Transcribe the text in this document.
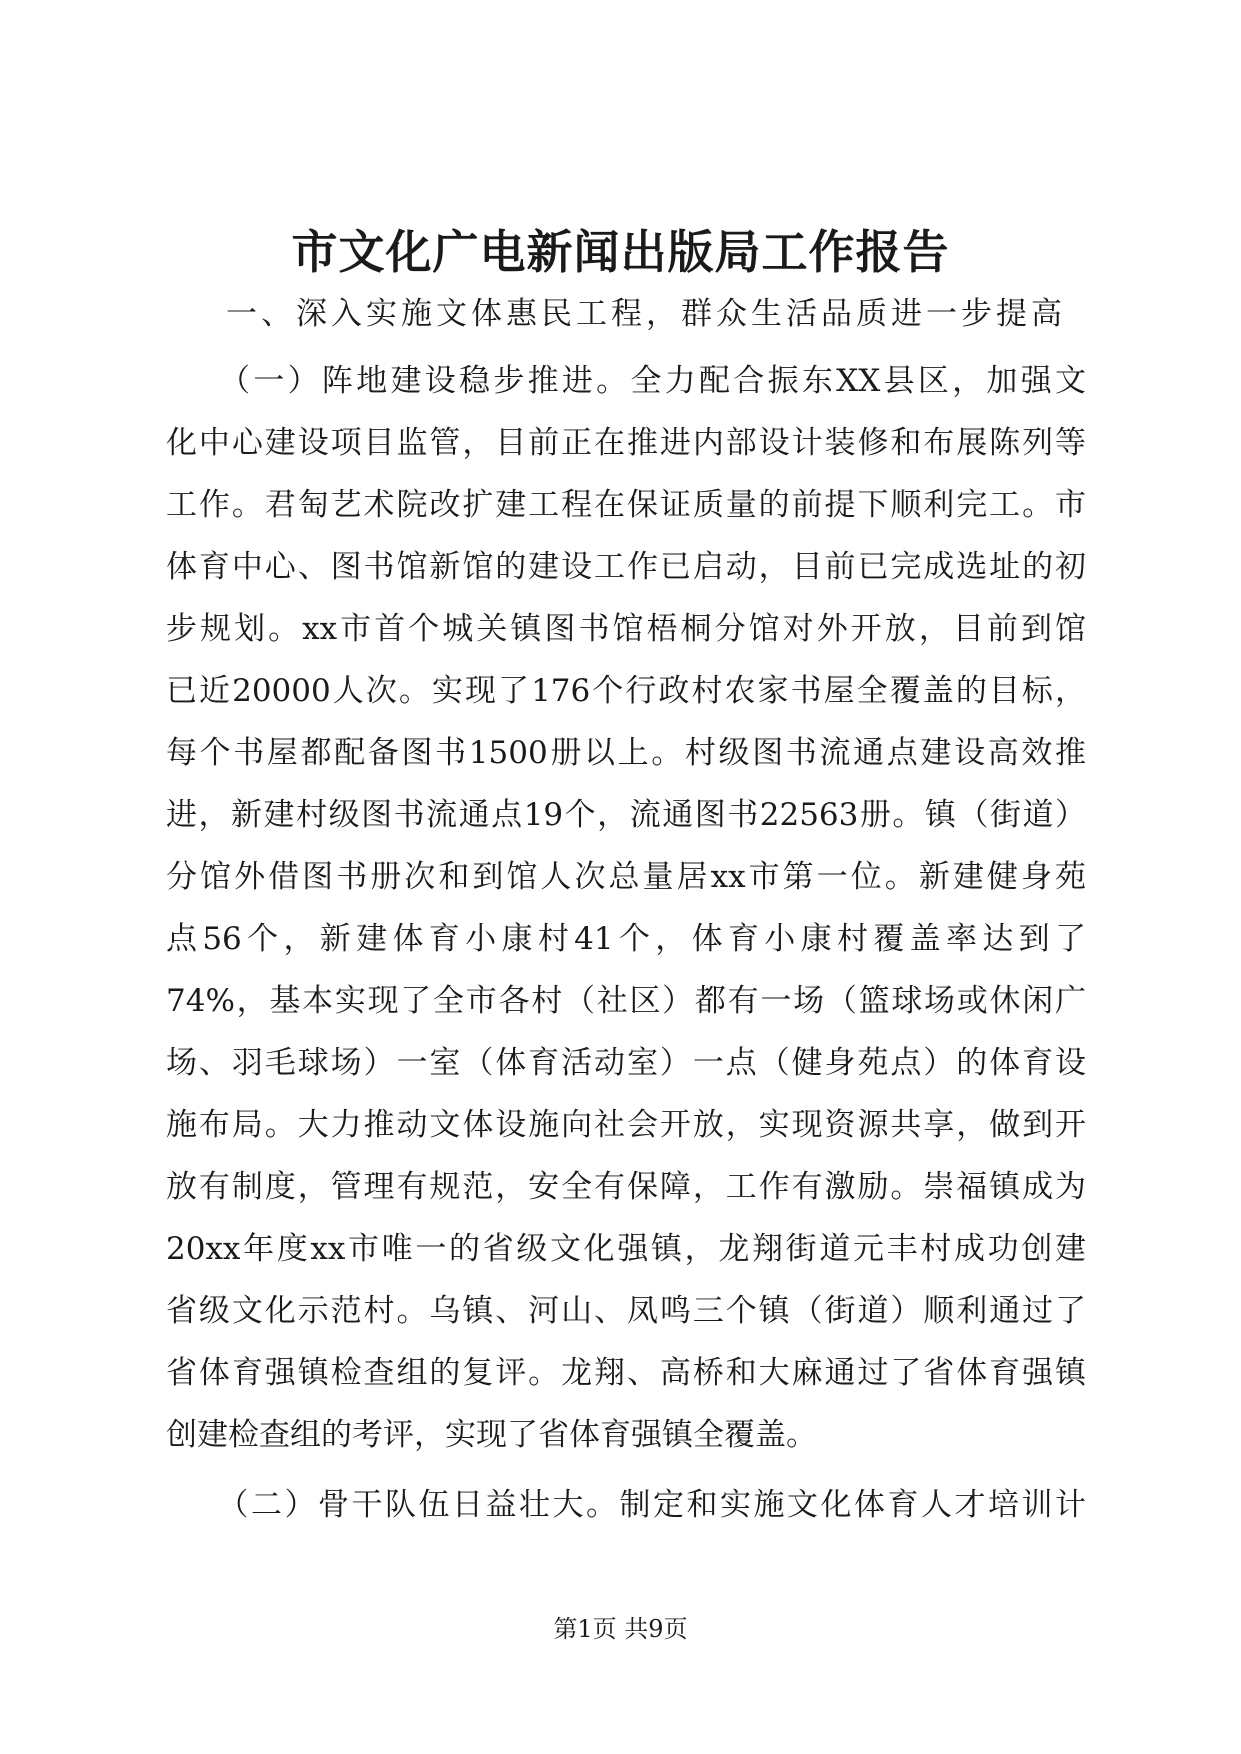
市文化广电新闻出版局工作报告

一、深入实施文体惠民工程，群众生活品质进一步提高

　　（一）阵地建设稳步推进。全力配合振东XX县区，加强文
化中心建设项目监管，目前正在推进内部设计装修和布展陈列等
工作。君匋艺术院改扩建工程在保证质量的前提下顺利完工。市
体育中心、图书馆新馆的建设工作已启动，目前已完成选址的初
步规划。xx市首个城关镇图书馆梧桐分馆对外开放，目前到馆
已近20000人次。实现了176个行政村农家书屋全覆盖的目标，
每个书屋都配备图书1500册以上。村级图书流通点建设高效推
进，新建村级图书流通点19个，流通图书22563册。镇（街道）
分馆外借图书册次和到馆人次总量居xx市第一位。新建健身苑
点56个，新建体育小康村41个，体育小康村覆盖率达到了
74%，基本实现了全市各村（社区）都有一场（篮球场或休闲广
场、羽毛球场）一室（体育活动室）一点（健身苑点）的体育设
施布局。大力推动文体设施向社会开放，实现资源共享，做到开
放有制度，管理有规范，安全有保障，工作有激励。崇福镇成为
20xx年度xx市唯一的省级文化强镇，龙翔街道元丰村成功创建
省级文化示范村。乌镇、河山、凤鸣三个镇（街道）顺利通过了
省体育强镇检查组的复评。龙翔、高桥和大麻通过了省体育强镇
创建检查组的考评，实现了省体育强镇全覆盖。
　　（二）骨干队伍日益壮大。制定和实施文化体育人才培训计

第1页 共9页
